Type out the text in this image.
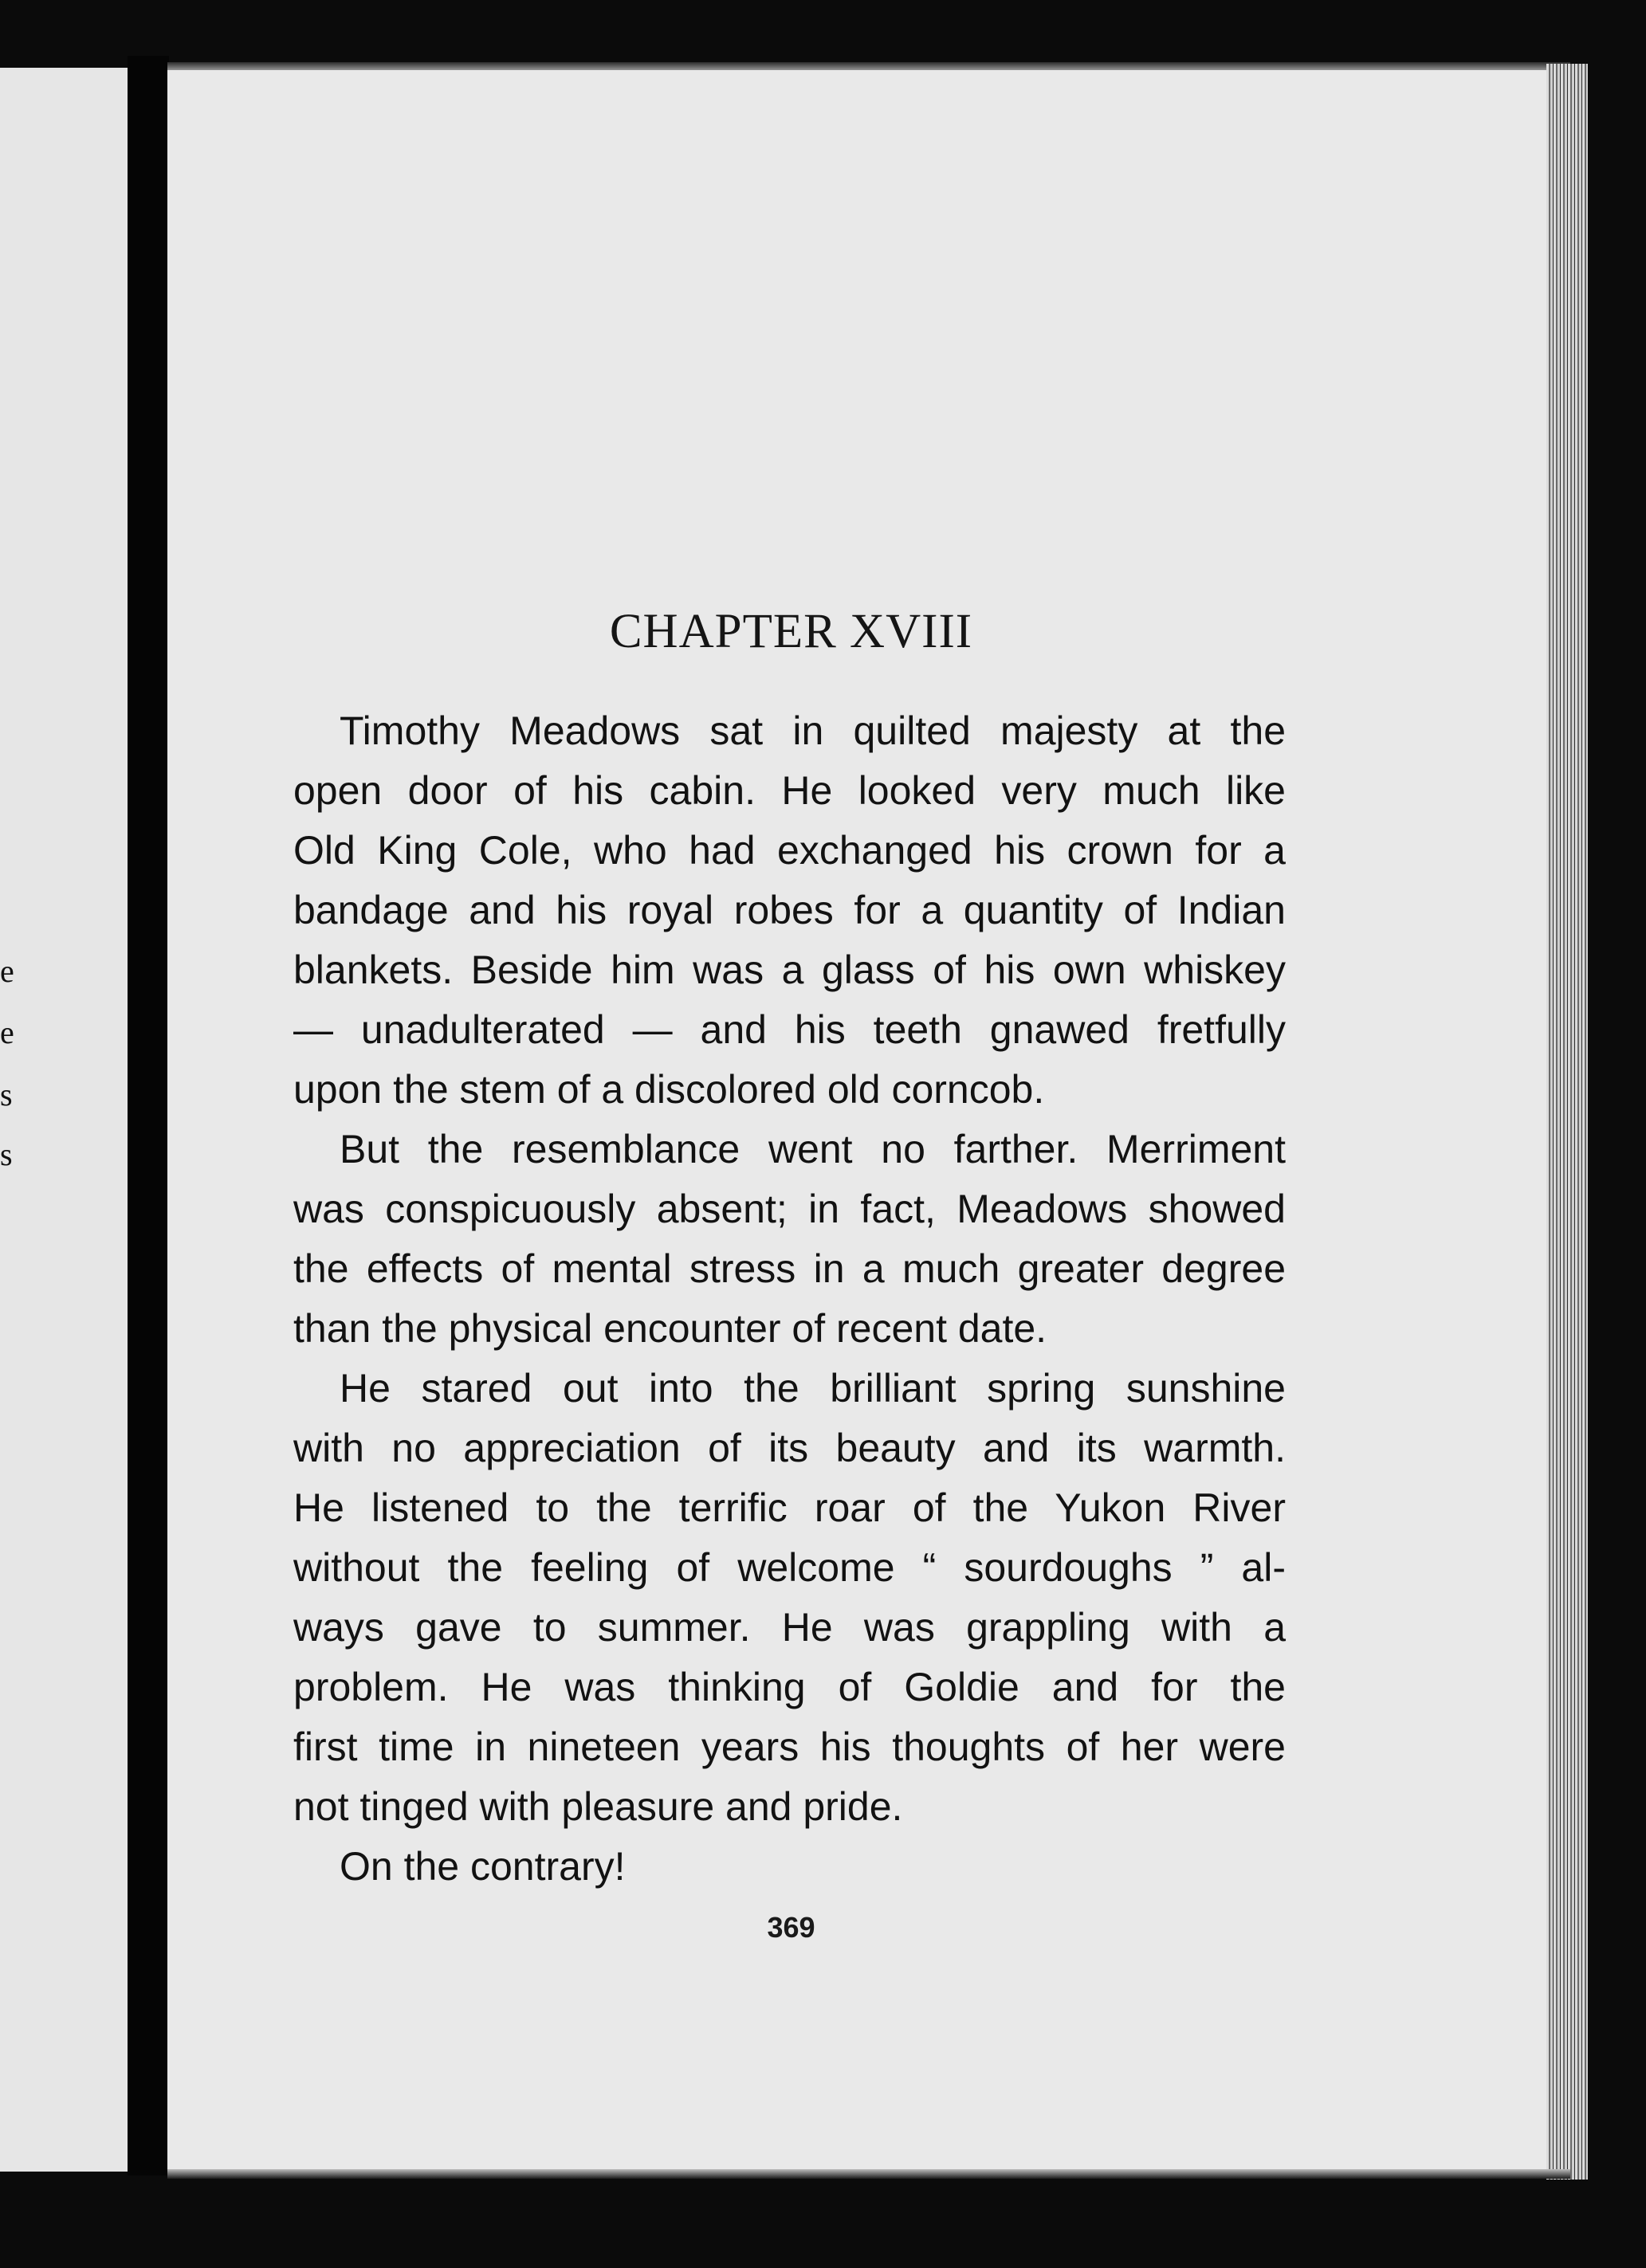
e
e
s
s
CHAPTER XVIII
Timothy Meadows sat in quilted majesty at the
open door of his cabin. He looked very much like
Old King Cole, who had exchanged his crown for a
bandage and his royal robes for a quantity of Indian
blankets. Beside him was a glass of his own whiskey
— unadulterated — and his teeth gnawed fretfully
upon the stem of a discolored old corncob.
But the resemblance went no farther. Merriment
was conspicuously absent; in fact, Meadows showed
the effects of mental stress in a much greater degree
than the physical encounter of recent date.
He stared out into the brilliant spring sunshine
with no appreciation of its beauty and its warmth.
He listened to the terrific roar of the Yukon River
without the feeling of welcome “ sourdoughs ” al-
ways gave to summer. He was grappling with a
problem. He was thinking of Goldie and for the
first time in nineteen years his thoughts of her were
not tinged with pleasure and pride.
On the contrary!
369
